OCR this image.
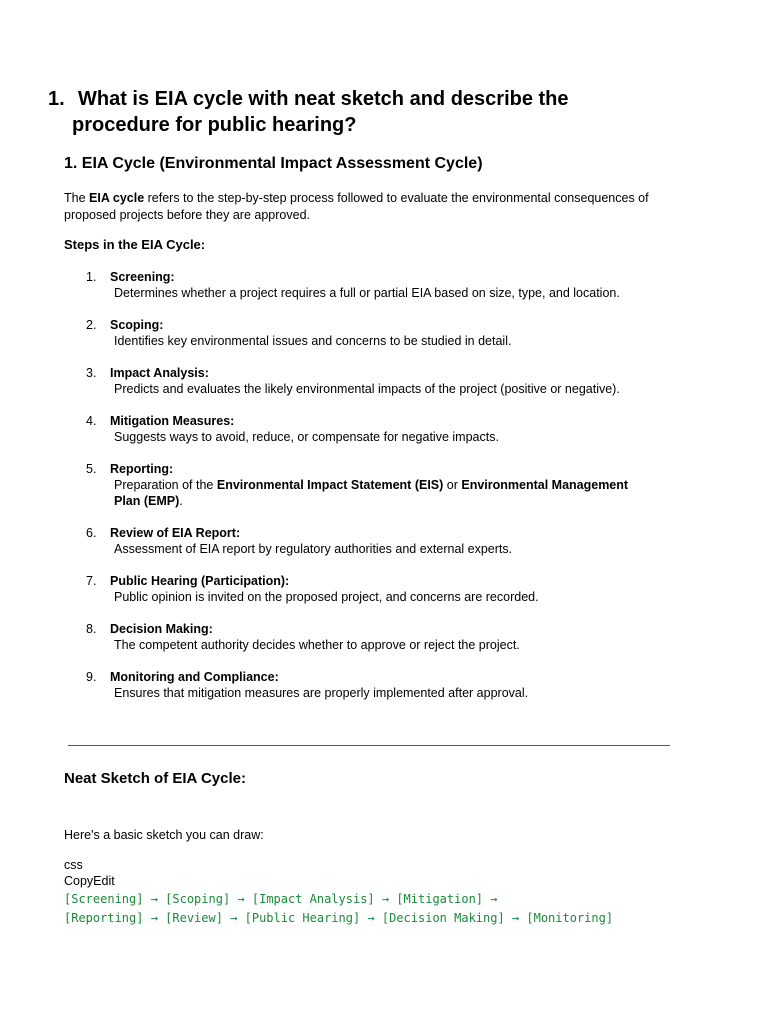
1. What is EIA cycle with neat sketch and describe the
procedure for public hearing?
1. EIA Cycle (Environmental Impact Assessment Cycle)

The EIA cycle refers to the step-by-step process followed to evaluate the environmental consequences of proposed projects before they are approved.

Steps in the EIA Cycle:

1.	Screening:
Determines whether a project requires a full or partial EIA based on size, type, and location.
2.	Scoping:
Identifies key environmental issues and concerns to be studied in detail.
3.	Impact Analysis:
Predicts and evaluates the likely environmental impacts of the project (positive or negative).
4.	Mitigation Measures:
Suggests ways to avoid, reduce, or compensate for negative impacts.
5.	Reporting:
Preparation of the Environmental Impact Statement (EIS) or Environmental Management Plan (EMP).
6.	Review of EIA Report:
Assessment of EIA report by regulatory authorities and external experts.
7.	Public Hearing (Participation):
Public opinion is invited on the proposed project, and concerns are recorded.
8.	Decision Making:
The competent authority decides whether to approve or reject the project.
9.	Monitoring and Compliance:
Ensures that mitigation measures are properly implemented after approval.
Neat Sketch of EIA Cycle:

Here's a basic sketch you can draw:

css

CopyEdit

[Screening] → [Scoping] → [Impact Analysis] → [Mitigation] →
[Reporting] → [Review] → [Public Hearing] → [Decision Making] → [Monitoring]
